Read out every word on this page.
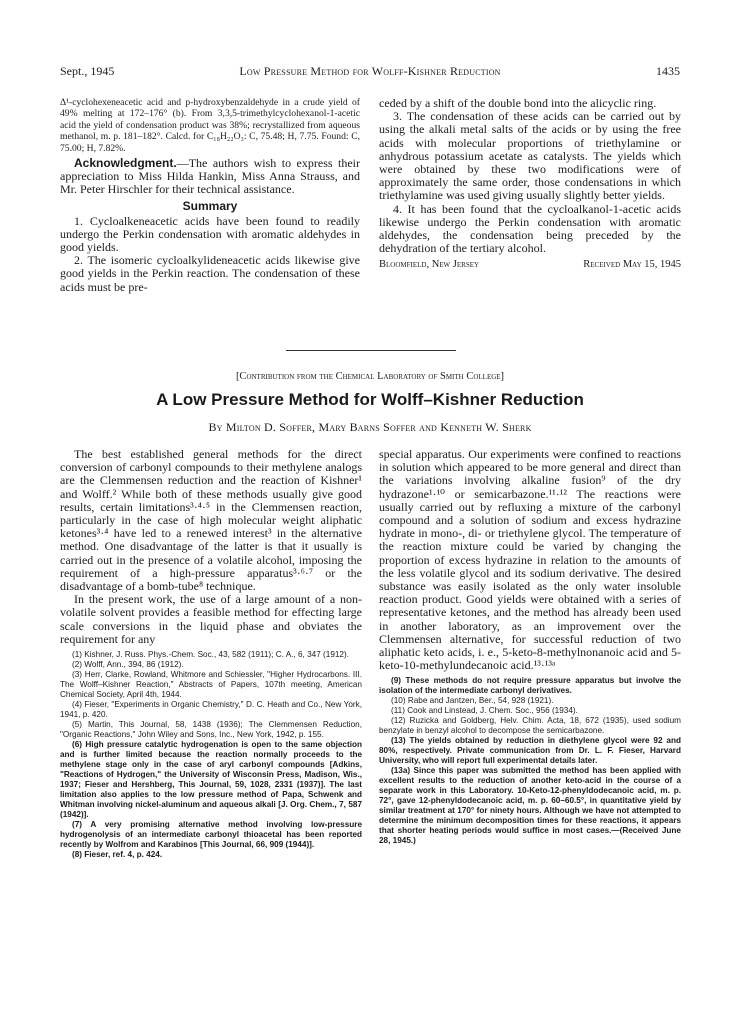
Sept., 1945	Low Pressure Method for Wolff-Kishner Reduction	1435

Δ¹-cyclohexeneacetic acid and p-hydroxybenzaldehyde in a crude yield of 49% melting at 172–176° (b). From 3,3,5-trimethylcyclohexanol-1-acetic acid the yield of condensation product was 38%; recrystallized from aqueous methanol, m. p. 181–182°. Calcd. for C₁₈H₂₂O₃: C, 75.48; H, 7.75. Found: C, 75.00; H, 7.82%.

Acknowledgment.—The authors wish to express their appreciation to Miss Hilda Hankin, Miss Anna Strauss, and Mr. Peter Hirschler for their technical assistance.

Summary

1. Cycloalkeneacetic acids have been found to readily undergo the Perkin condensation with aromatic aldehydes in good yields.

2. The isomeric cycloalkylideneacetic acids likewise give good yields in the Perkin reaction. The condensation of these acids must be pre-

ceded by a shift of the double bond into the alicyclic ring.

3. The condensation of these acids can be carried out by using the alkali metal salts of the acids or by using the free acids with molecular proportions of triethylamine or anhydrous potassium acetate as catalysts. The yields which were obtained by these two modifications were of approximately the same order, those condensations in which triethylamine was used giving usually slightly better yields.

4. It has been found that the cycloalkanol-1-acetic acids likewise undergo the Perkin condensation with aromatic aldehydes, the condensation being preceded by the dehydration of the tertiary alcohol.

Bloomfield, New Jersey	Received May 15, 1945
[Contribution from the Chemical Laboratory of Smith College]
A Low Pressure Method for Wolff–Kishner Reduction
By Milton D. Soffer, Mary Barns Soffer and Kenneth W. Sherk

The best established general methods for the direct conversion of carbonyl compounds to their methylene analogs are the Clemmensen reduction and the reaction of Kishner¹ and Wolff.² While both of these methods usually give good results, certain limitations³·⁴·⁵ in the Clemmensen reaction, particularly in the case of high molecular weight aliphatic ketones³·⁴ have led to a renewed interest³ in the alternative method. One disadvantage of the latter is that it usually is carried out in the presence of a volatile alcohol, imposing the requirement of a high-pressure apparatus³·⁶·⁷ or the disadvantage of a bomb-tube⁸ technique.

In the present work, the use of a large amount of a non-volatile solvent provides a feasible method for effecting large scale conversions in the liquid phase and obviates the requirement for any

(1) Kishner, J. Russ. Phys.-Chem. Soc., 43, 582 (1911); C. A., 6, 347 (1912).

(2) Wolff, Ann., 394, 86 (1912).

(3) Herr, Clarke, Rowland, Whitmore and Schiessler, "Higher Hydrocarbons. III. The Wolff–Kishner Reaction," Abstracts of Papers, 107th meeting, American Chemical Society, April 4th, 1944.

(4) Fieser, "Experiments in Organic Chemistry," D. C. Heath and Co., New York, 1941, p. 420.

(5) Martin, This Journal, 58, 1438 (1936); The Clemmensen Reduction, "Organic Reactions," John Wiley and Sons, Inc., New York, 1942, p. 155.

(6) High pressure catalytic hydrogenation is open to the same objection and is further limited because the reaction normally proceeds to the methylene stage only in the case of aryl carbonyl compounds [Adkins, "Reactions of Hydrogen," the University of Wisconsin Press, Madison, Wis., 1937; Fieser and Hershberg, This Journal, 59, 1028, 2331 (1937)]. The last limitation also applies to the low pressure method of Papa, Schwenk and Whitman involving nickel-aluminum and aqueous alkali [J. Org. Chem., 7, 587 (1942)].

(7) A very promising alternative method involving low-pressure hydrogenolysis of an intermediate carbonyl thioacetal has been reported recently by Wolfrom and Karabinos [This Journal, 66, 909 (1944)].

(8) Fieser, ref. 4, p. 424.

special apparatus. Our experiments were confined to reactions in solution which appeared to be more general and direct than the variations involving alkaline fusion⁹ of the dry hydrazone¹·¹⁰ or semicarbazone.¹¹·¹² The reactions were usually carried out by refluxing a mixture of the carbonyl compound and a solution of sodium and excess hydrazine hydrate in mono-, di- or triethylene glycol. The temperature of the reaction mixture could be varied by changing the proportion of excess hydrazine in relation to the amounts of the less volatile glycol and its sodium derivative. The desired substance was easily isolated as the only water insoluble reaction product. Good yields were obtained with a series of representative ketones, and the method has already been used in another laboratory, as an improvement over the Clemmensen alternative, for successful reduction of two aliphatic keto acids, i. e., 5-keto-8-methylnonanoic acid and 5-keto-10-methylundecanoic acid.¹³·¹³ᵃ

(9) These methods do not require pressure apparatus but involve the isolation of the intermediate carbonyl derivatives.

(10) Rabe and Jantzen, Ber., 54, 928 (1921).

(11) Cook and Linstead, J. Chem. Soc., 956 (1934).

(12) Ruzicka and Goldberg, Helv. Chim. Acta, 18, 672 (1935), used sodium benzylate in benzyl alcohol to decompose the semicarbazone.

(13) The yields obtained by reduction in diethylene glycol were 92 and 80%, respectively. Private communication from Dr. L. F. Fieser, Harvard University, who will report full experimental details later.

(13a) Since this paper was submitted the method has been applied with excellent results to the reduction of another keto-acid in the course of a separate work in this Laboratory. 10-Keto-12-phenyldodecanoic acid, m. p. 72°, gave 12-phenyldodecanoic acid, m. p. 60–60.5°, in quantitative yield by similar treatment at 170° for ninety hours. Although we have not attempted to determine the minimum decomposition times for these reactions, it appears that shorter heating periods would suffice in most cases.—(Received June 28, 1945.)
